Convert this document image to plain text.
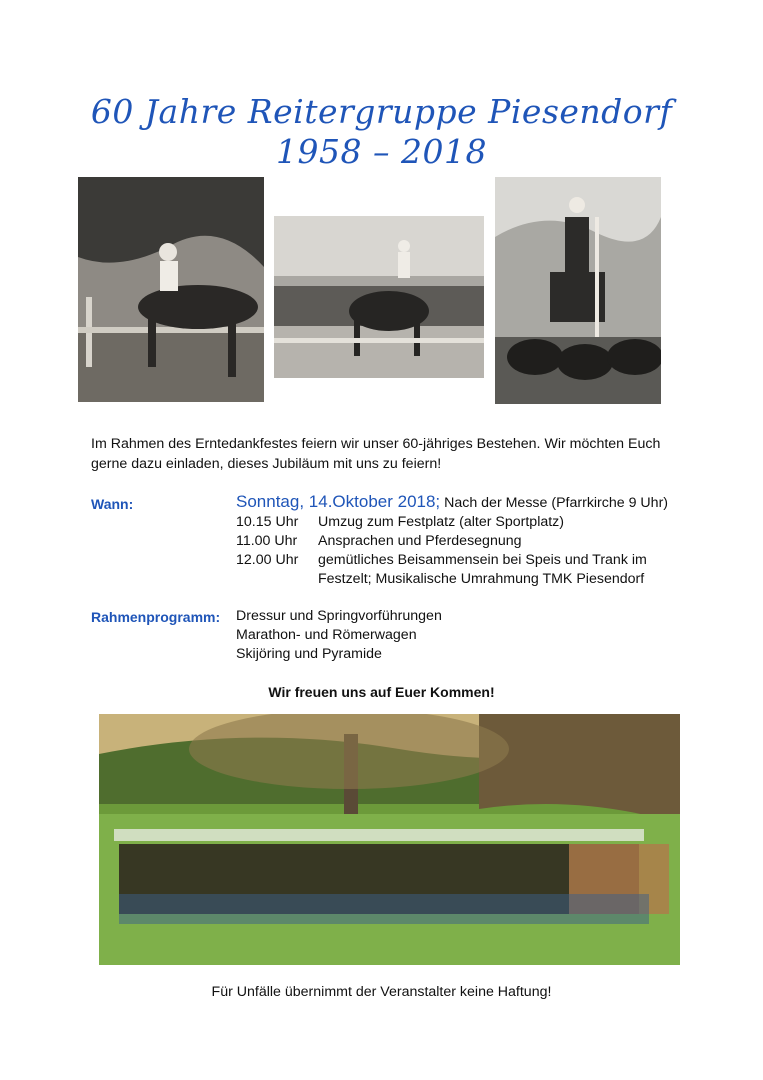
60 Jahre Reitergruppe Piesendorf
1958 – 2018
Im Rahmen des Erntedankfestes feiern wir unser 60-jähriges Bestehen. Wir möchten Euch
gerne dazu einladen, dieses Jubiläum mit uns zu feiern!
Wann:	Sonntag, 14.Oktober 2018; Nach der Messe (Pfarrkirche 9 Uhr)
10.15 Uhr Umzug zum Festplatz (alter Sportplatz)
11.00 Uhr Ansprachen und Pferdesegnung
12.00 Uhr gemütliches Beisammensein bei Speis und Trank im
Festzelt; Musikalische Umrahmung TMK Piesendorf
Rahmenprogramm: Dressur und Springvorführungen
Marathon- und Römerwagen
Skijöring und Pyramide
Wir freuen uns auf Euer Kommen!
Für Unfälle übernimmt der Veranstalter keine Haftung!
